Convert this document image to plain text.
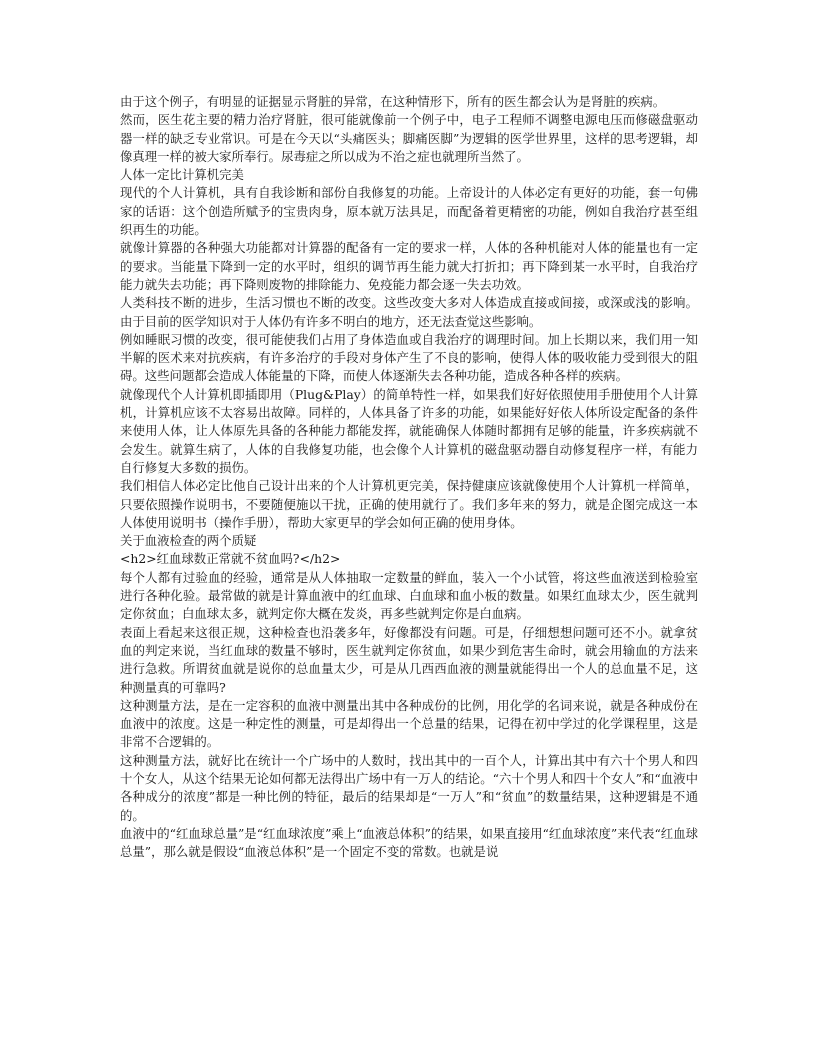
由于这个例子，有明显的证据显示肾脏的异常，在这种情形下，所有的医生都会认为是肾脏的疾病。

然而，医生花主要的精力治疗肾脏，很可能就像前一个例子中，电子工程师不调整电源电压而修磁盘驱动器一样的缺乏专业常识。可是在今天以“头痛医头；脚痛医脚”为逻辑的医学世界里，这样的思考逻辑，却像真理一样的被大家所奉行。尿毒症之所以成为不治之症也就理所当然了。

人体一定比计算机完美

现代的个人计算机，具有自我诊断和部份自我修复的功能。上帝设计的人体必定有更好的功能，套一句佛家的话语：这个创造所赋予的宝贵肉身，原本就万法具足，而配备着更精密的功能，例如自我治疗甚至组织再生的功能。

就像计算器的各种强大功能都对计算器的配备有一定的要求一样，人体的各种机能对人体的能量也有一定的要求。当能量下降到一定的水平时，组织的调节再生能力就大打折扣；再下降到某一水平时，自我治疗能力就失去功能；再下降则废物的排除能力、免疫能力都会逐一失去功效。

人类科技不断的进步，生活习惯也不断的改变。这些改变大多对人体造成直接或间接，或深或浅的影响。由于目前的医学知识对于人体仍有许多不明白的地方，还无法查觉这些影响。

例如睡眠习惯的改变，很可能使我们占用了身体造血或自我治疗的调理时间。加上长期以来，我们用一知半解的医术来对抗疾病，有许多治疗的手段对身体产生了不良的影响，使得人体的吸收能力受到很大的阻碍。这些问题都会造成人体能量的下降，而使人体逐渐失去各种功能，造成各种各样的疾病。

就像现代个人计算机即插即用（Plug&Play）的简单特性一样，如果我们好好依照使用手册使用个人计算机，计算机应该不太容易出故障。同样的，人体具备了许多的功能，如果能好好依人体所设定配备的条件来使用人体，让人体原先具备的各种能力都能发挥，就能确保人体随时都拥有足够的能量，许多疾病就不会发生。就算生病了，人体的自我修复功能，也会像个人计算机的磁盘驱动器自动修复程序一样，有能力自行修复大多数的损伤。

我们相信人体必定比他自己设计出来的个人计算机更完美，保持健康应该就像使用个人计算机一样简单，只要依照操作说明书，不要随便施以干扰，正确的使用就行了。我们多年来的努力，就是企图完成这一本人体使用说明书（操作手册），帮助大家更早的学会如何正确的使用身体。

关于血液检查的两个质疑

<h2>红血球数正常就不贫血吗?</h2>

每个人都有过验血的经验，通常是从人体抽取一定数量的鲜血，装入一个小试管，将这些血液送到检验室进行各种化验。最常做的就是计算血液中的红血球、白血球和血小板的数量。如果红血球太少，医生就判定你贫血；白血球太多，就判定你大概在发炎，再多些就判定你是白血病。

表面上看起来这很正规，这种检查也沿袭多年，好像都没有问题。可是，仔细想想问题可还不小。就拿贫血的判定来说，当红血球的数量不够时，医生就判定你贫血，如果少到危害生命时，就会用输血的方法来进行急救。所谓贫血就是说你的总血量太少，可是从几西西血液的测量就能得出一个人的总血量不足，这种测量真的可靠吗?

这种测量方法，是在一定容积的血液中测量出其中各种成份的比例，用化学的名词来说，就是各种成份在血液中的浓度。这是一种定性的测量，可是却得出一个总量的结果，记得在初中学过的化学课程里，这是非常不合逻辑的。

这种测量方法，就好比在统计一个广场中的人数时，找出其中的一百个人，计算出其中有六十个男人和四十个女人，从这个结果无论如何都无法得出广场中有一万人的结论。“六十个男人和四十个女人”和“血液中各种成分的浓度”都是一种比例的特征，最后的结果却是“一万人”和“贫血”的数量结果，这种逻辑是不通的。

血液中的“红血球总量”是“红血球浓度”乘上“血液总体积”的结果，如果直接用“红血球浓度”来代表“红血球总量”，那么就是假设“血液总体积”是一个固定不变的常数。也就是说
